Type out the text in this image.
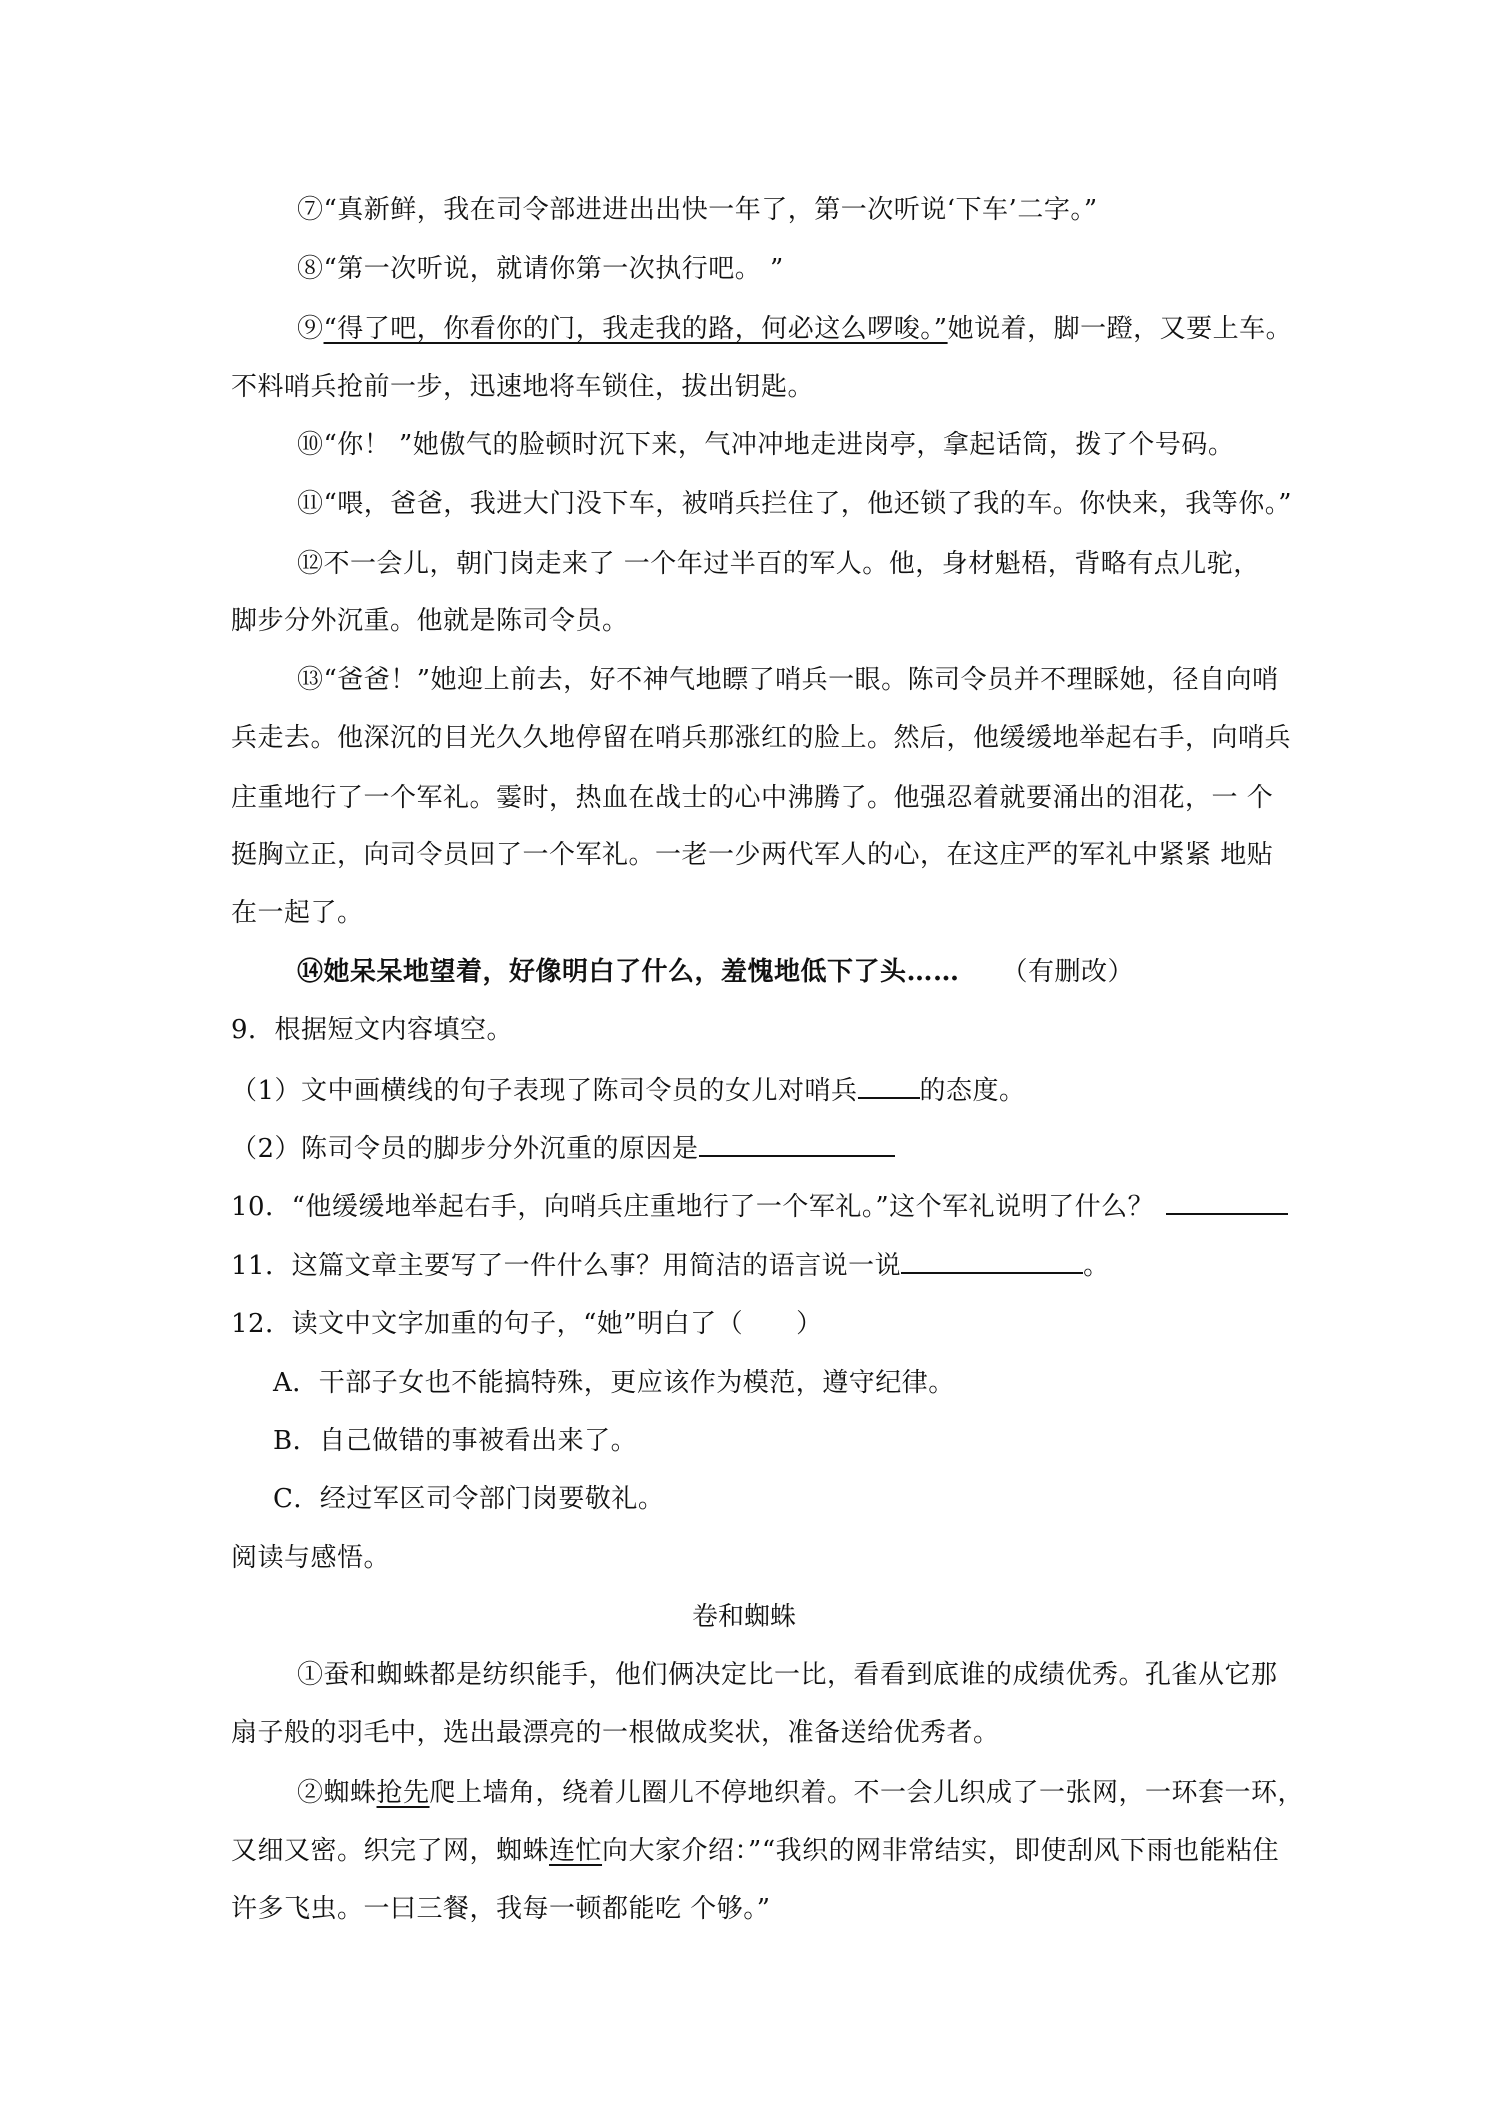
⑦“真新鲜，我在司令部进进出出快一年了，第一次听说‘下车’二字。”
⑧“第一次听说，就请你第一次执行吧。 ”
⑨“得了吧，你看你的门，我走我的路，何必这么啰唆。”她说着，脚一蹬，又要上车。
不料哨兵抢前一步，迅速地将车锁住，拔出钥匙。
⑩“你！ ”她傲气的脸顿时沉下来，气冲冲地走进岗亭，拿起话筒，拨了个号码。
⑪“喂，爸爸，我进大门没下车，被哨兵拦住了，他还锁了我的车。你快来，我等你。”
⑫不一会儿，朝门岗走来了 一个年过半百的军人。他，身材魁梧，背略有点儿驼，
脚步分外沉重。他就是陈司令员。
⑬“爸爸！”她迎上前去，好不神气地瞟了哨兵一眼。陈司令员并不理睬她，径自向哨
兵走去。他深沉的目光久久地停留在哨兵那涨红的脸上。然后，他缓缓地举起右手，向哨兵
庄重地行了一个军礼。霎时，热血在战士的心中沸腾了。他强忍着就要涌出的泪花，一 个
挺胸立正，向司令员回了一个军礼。一老一少两代军人的心，在这庄严的军礼中紧紧 地贴
在一起了。
⑭她呆呆地望着，好像明白了什么，羞愧地低下了头…… （有删改）
9．根据短文内容填空。
（1）文中画横线的句子表现了陈司令员的女儿对哨兵 的态度。
（2）陈司令员的脚步分外沉重的原因是
10．“他缓缓地举起右手，向哨兵庄重地行了一个军礼。”这个军礼说明了什么？
11．这篇文章主要写了一件什么事？用简洁的语言说一说	。
12．读文中文字加重的句子，“她”明白了（　　）
A．干部子女也不能搞特殊，更应该作为模范，遵守纪律。
B．自己做错的事被看出来了。
C．经过军区司令部门岗要敬礼。
阅读与感悟。
卷和蜘蛛
①蚕和蜘蛛都是纺织能手，他们俩决定比一比，看看到底谁的成绩优秀。孔雀从它那
扇子般的羽毛中，选出最漂亮的一根做成奖状，准备送给优秀者。
②蜘蛛抢先爬上墙角，绕着儿圈儿不停地织着。不一会儿织成了一张网，一环套一环，
又细又密。织完了网，蜘蛛连忙向大家介绍：”“我织的网非常结实，即使刮风下雨也能粘住
许多飞虫。一曰三餐，我每一顿都能吃 个够。”
